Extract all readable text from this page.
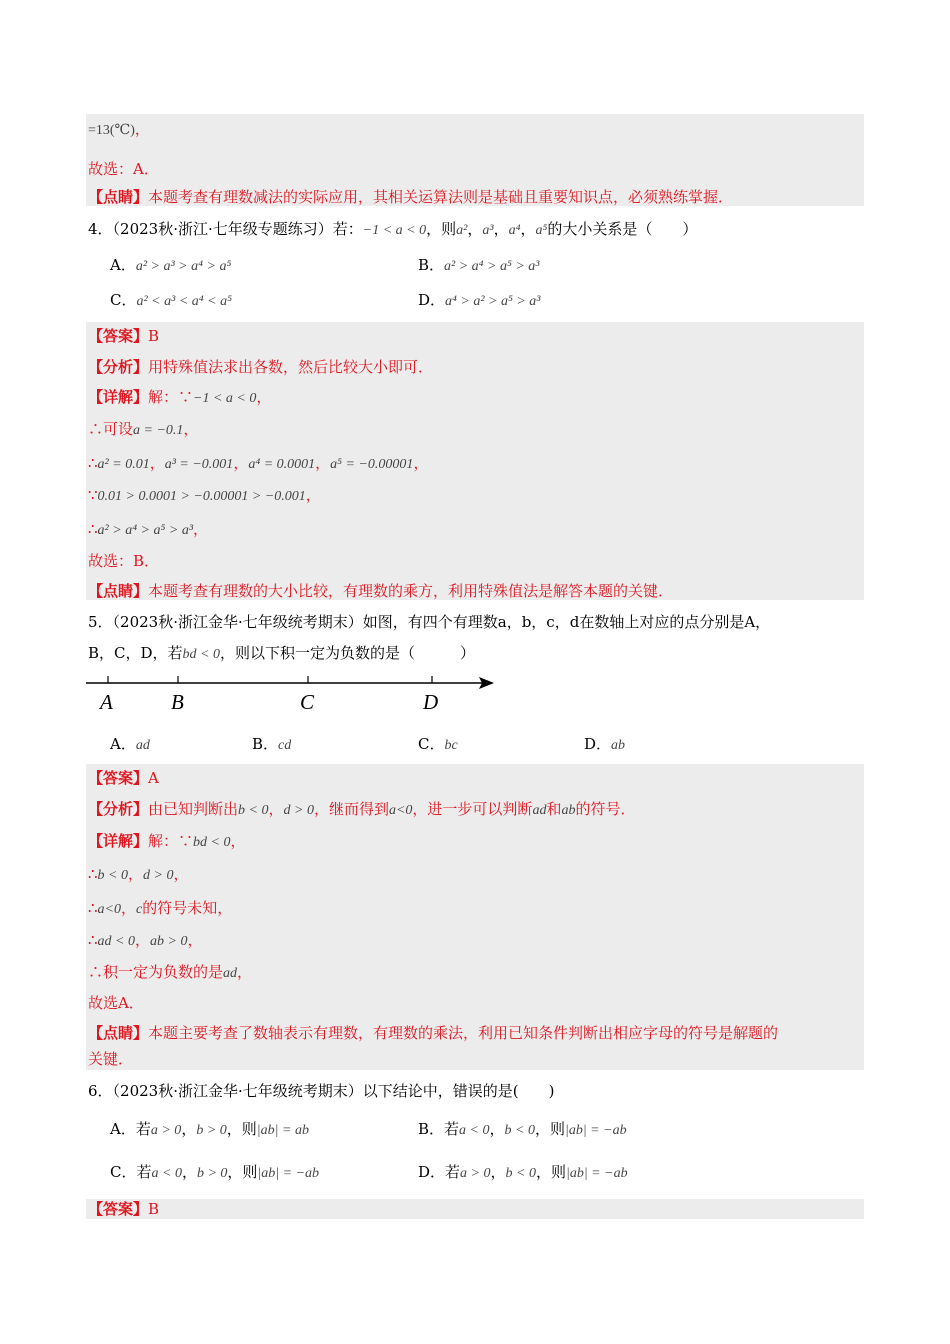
=13(℃)，
故选：A．
【点睛】本题考查有理数减法的实际应用，其相关运算法则是基础且重要知识点，必须熟练掌握．
4．（2023秋·浙江·七年级专题练习）若：−1 < a < 0，则a²，a³，a⁴，a⁵的大小关系是（　　）
A．a² > a³ > a⁴ > a⁵	B．a² > a⁴ > a⁵ > a³
C．a² < a³ < a⁴ < a⁵	D．a⁴ > a² > a⁵ > a³
【答案】B
【分析】用特殊值法求出各数，然后比较大小即可．
【详解】解：∵−1 < a < 0，
∴可设a = −0.1，
∴a² = 0.01，a³ = −0.001，a⁴ = 0.0001，a⁵ = −0.00001，
∵0.01 > 0.0001 > −0.00001 > −0.001，
∴a² > a⁴ > a⁵ > a³，
故选：B．
【点睛】本题考查有理数的大小比较，有理数的乘方，利用特殊值法是解答本题的关键．
5．（2023秋·浙江金华·七年级统考期末）如图，有四个有理数a，b，c，d在数轴上对应的点分别是A，
B，C，D，若bd < 0，则以下积一定为负数的是（　　　）
A	B	C	D
A．ad	B．cd	C．bc	D．ab
【答案】A
【分析】由已知判断出b < 0，d > 0，继而得到a<0，进一步可以判断ad和ab的符号．
【详解】解：∵bd < 0，
∴b < 0，d > 0，
∴a<0，c的符号未知，
∴ad < 0，ab > 0，
∴积一定为负数的是ad，
故选A．
【点睛】本题主要考查了数轴表示有理数，有理数的乘法，利用已知条件判断出相应字母的符号是解题的
关键．
6．（2023秋·浙江金华·七年级统考期末）以下结论中，错误的是(　　)
A．若a > 0，b > 0，则|ab| = ab	B．若a < 0，b < 0，则|ab| = −ab
C．若a < 0，b > 0，则|ab| = −ab	D．若a > 0，b < 0，则|ab| = −ab
【答案】B
